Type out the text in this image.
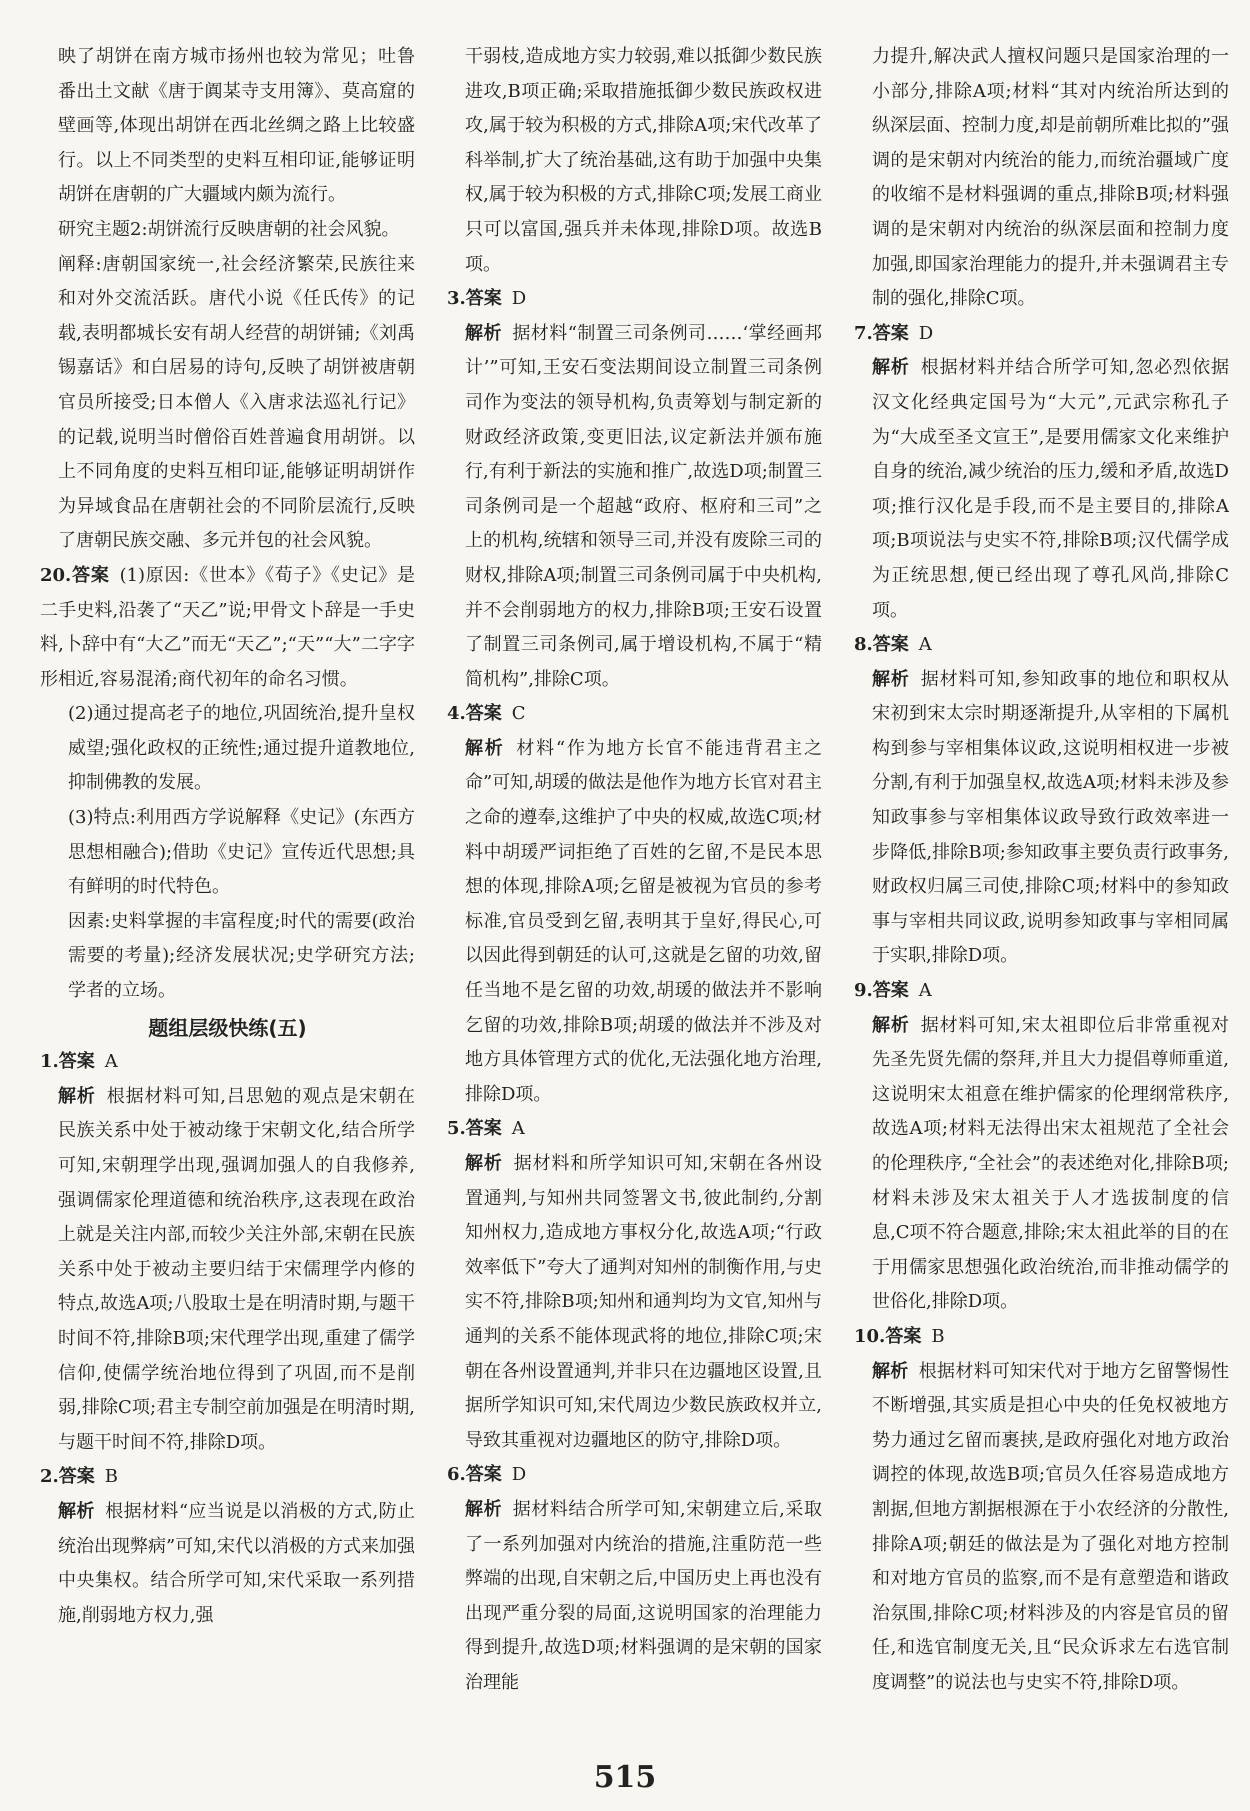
映了胡饼在南方城市扬州也较为常见；吐鲁番出土文献《唐于阗某寺支用簿》、莫高窟的壁画等,体现出胡饼在西北丝绸之路上比较盛行。以上不同类型的史料互相印证,能够证明胡饼在唐朝的广大疆域内颇为流行。

研究主题2:胡饼流行反映唐朝的社会风貌。

阐释:唐朝国家统一,社会经济繁荣,民族往来和对外交流活跃。唐代小说《任氏传》的记载,表明都城长安有胡人经营的胡饼铺;《刘禹锡嘉话》和白居易的诗句,反映了胡饼被唐朝官员所接受;日本僧人《入唐求法巡礼行记》的记载,说明当时僧俗百姓普遍食用胡饼。以上不同角度的史料互相印证,能够证明胡饼作为异域食品在唐朝社会的不同阶层流行,反映了唐朝民族交融、多元并包的社会风貌。

20.答案 (1)原因:《世本》《荀子》《史记》是二手史料,沿袭了“天乙”说;甲骨文卜辞是一手史料,卜辞中有“大乙”而无“天乙”;“天”“大”二字字形相近,容易混淆;商代初年的命名习惯。

(2)通过提高老子的地位,巩固统治,提升皇权威望;强化政权的正统性;通过提升道教地位,抑制佛教的发展。

(3)特点:利用西方学说解释《史记》(东西方思想相融合);借助《史记》宣传近代思想;具有鲜明的时代特色。

因素:史料掌握的丰富程度;时代的需要(政治需要的考量);经济发展状况;史学研究方法;学者的立场。

题组层级快练(五)

1.答案 A

解析 根据材料可知,吕思勉的观点是宋朝在民族关系中处于被动缘于宋朝文化,结合所学可知,宋朝理学出现,强调加强人的自我修养,强调儒家伦理道德和统治秩序,这表现在政治上就是关注内部,而较少关注外部,宋朝在民族关系中处于被动主要归结于宋儒理学内修的特点,故选A项;八股取士是在明清时期,与题干时间不符,排除B项;宋代理学出现,重建了儒学信仰,使儒学统治地位得到了巩固,而不是削弱,排除C项;君主专制空前加强是在明清时期,与题干时间不符,排除D项。

2.答案 B

解析 根据材料“应当说是以消极的方式,防止统治出现弊病”可知,宋代以消极的方式来加强中央集权。结合所学可知,宋代采取一系列措施,削弱地方权力,强

干弱枝,造成地方实力较弱,难以抵御少数民族进攻,B项正确;采取措施抵御少数民族政权进攻,属于较为积极的方式,排除A项;宋代改革了科举制,扩大了统治基础,这有助于加强中央集权,属于较为积极的方式,排除C项;发展工商业只可以富国,强兵并未体现,排除D项。故选B项。

3.答案 D

解析 据材料“制置三司条例司……‘掌经画邦计’”可知,王安石变法期间设立制置三司条例司作为变法的领导机构,负责筹划与制定新的财政经济政策,变更旧法,议定新法并颁布施行,有利于新法的实施和推广,故选D项;制置三司条例司是一个超越“政府、枢府和三司”之上的机构,统辖和领导三司,并没有废除三司的财权,排除A项;制置三司条例司属于中央机构,并不会削弱地方的权力,排除B项;王安石设置了制置三司条例司,属于增设机构,不属于“精简机构”,排除C项。

4.答案 C

解析 材料“作为地方长官不能违背君主之命”可知,胡瑗的做法是他作为地方长官对君主之命的遵奉,这维护了中央的权威,故选C项;材料中胡瑗严词拒绝了百姓的乞留,不是民本思想的体现,排除A项;乞留是被视为官员的参考标准,官员受到乞留,表明其于皇好,得民心,可以因此得到朝廷的认可,这就是乞留的功效,留任当地不是乞留的功效,胡瑗的做法并不影响乞留的功效,排除B项;胡瑗的做法并不涉及对地方具体管理方式的优化,无法强化地方治理,排除D项。

5.答案 A

解析 据材料和所学知识可知,宋朝在各州设置通判,与知州共同签署文书,彼此制约,分割知州权力,造成地方事权分化,故选A项;“行政效率低下”夸大了通判对知州的制衡作用,与史实不符,排除B项;知州和通判均为文官,知州与通判的关系不能体现武将的地位,排除C项;宋朝在各州设置通判,并非只在边疆地区设置,且据所学知识可知,宋代周边少数民族政权并立,导致其重视对边疆地区的防守,排除D项。

6.答案 D

解析 据材料结合所学可知,宋朝建立后,采取了一系列加强对内统治的措施,注重防范一些弊端的出现,自宋朝之后,中国历史上再也没有出现严重分裂的局面,这说明国家的治理能力得到提升,故选D项;材料强调的是宋朝的国家治理能

力提升,解决武人擅权问题只是国家治理的一小部分,排除A项;材料“其对内统治所达到的纵深层面、控制力度,却是前朝所难比拟的”强调的是宋朝对内统治的能力,而统治疆域广度的收缩不是材料强调的重点,排除B项;材料强调的是宋朝对内统治的纵深层面和控制力度加强,即国家治理能力的提升,并未强调君主专制的强化,排除C项。

7.答案 D

解析 根据材料并结合所学可知,忽必烈依据汉文化经典定国号为“大元”,元武宗称孔子为“大成至圣文宣王”,是要用儒家文化来维护自身的统治,减少统治的压力,缓和矛盾,故选D项;推行汉化是手段,而不是主要目的,排除A项;B项说法与史实不符,排除B项;汉代儒学成为正统思想,便已经出现了尊孔风尚,排除C项。

8.答案 A

解析 据材料可知,参知政事的地位和职权从宋初到宋太宗时期逐渐提升,从宰相的下属机构到参与宰相集体议政,这说明相权进一步被分割,有利于加强皇权,故选A项;材料未涉及参知政事参与宰相集体议政导致行政效率进一步降低,排除B项;参知政事主要负责行政事务,财政权归属三司使,排除C项;材料中的参知政事与宰相共同议政,说明参知政事与宰相同属于实职,排除D项。

9.答案 A

解析 据材料可知,宋太祖即位后非常重视对先圣先贤先儒的祭拜,并且大力提倡尊师重道,这说明宋太祖意在维护儒家的伦理纲常秩序,故选A项;材料无法得出宋太祖规范了全社会的伦理秩序,“全社会”的表述绝对化,排除B项;材料未涉及宋太祖关于人才选拔制度的信息,C项不符合题意,排除;宋太祖此举的目的在于用儒家思想强化政治统治,而非推动儒学的世俗化,排除D项。

10.答案 B

解析 根据材料可知宋代对于地方乞留警惕性不断增强,其实质是担心中央的任免权被地方势力通过乞留而裹挟,是政府强化对地方政治调控的体现,故选B项;官员久任容易造成地方割据,但地方割据根源在于小农经济的分散性,排除A项;朝廷的做法是为了强化对地方控制和对地方官员的监察,而不是有意塑造和谐政治氛围,排除C项;材料涉及的内容是官员的留任,和选官制度无关,且“民众诉求左右选官制度调整”的说法也与史实不符,排除D项。

515
